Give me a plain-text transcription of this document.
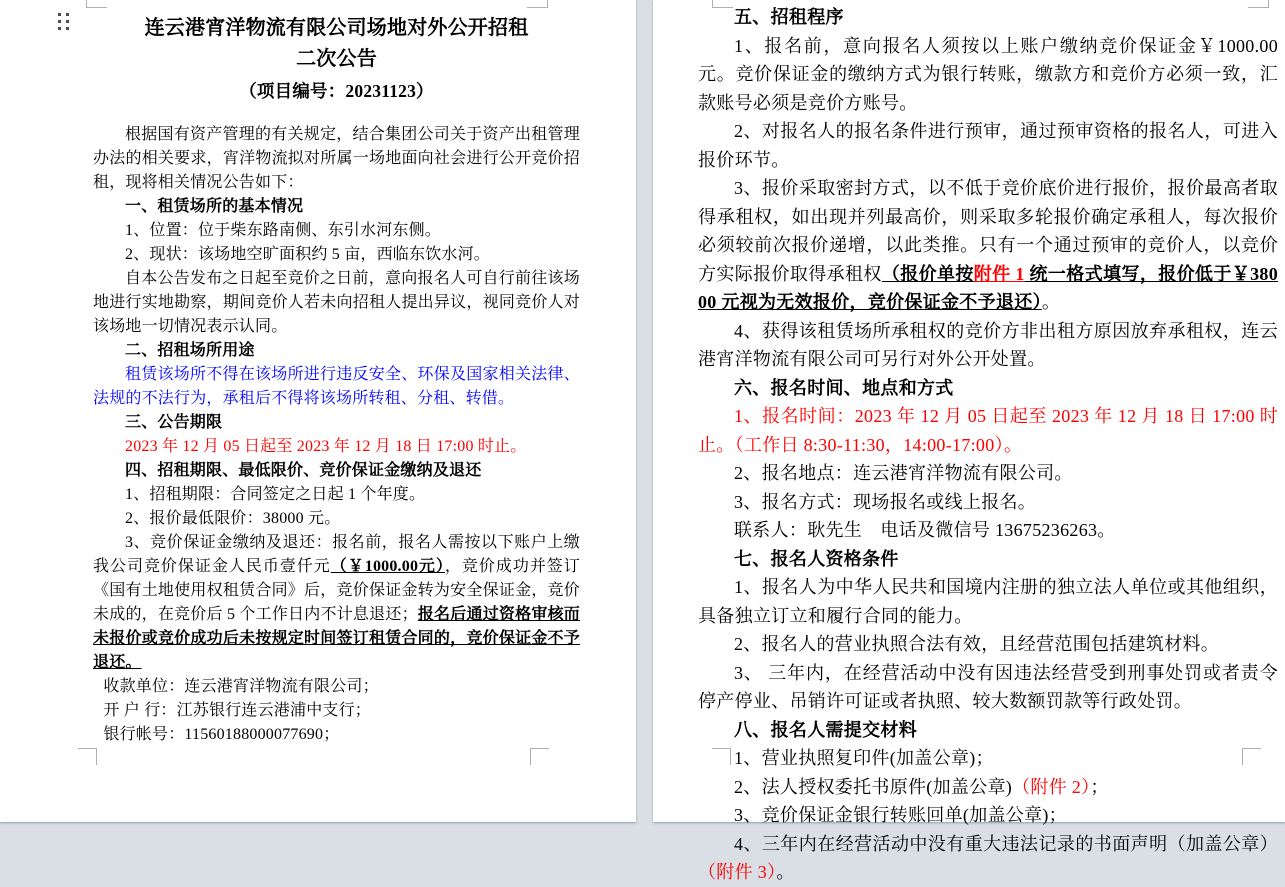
连云港宵洋物流有限公司场地对外公开招租

二次公告

（项目编号：20231123）

根据国有资产管理的有关规定，结合集团公司关于资产出租管理办法的相关要求，宵洋物流拟对所属一场地面向社会进行公开竞价招租，现将相关情况公告如下：

一、租赁场所的基本情况

1、位置：位于柴东路南侧、东引水河东侧。

2、现状：该场地空旷面积约 5 亩，西临东饮水河。

自本公告发布之日起至竞价之日前，意向报名人可自行前往该场地进行实地勘察，期间竞价人若未向招租人提出异议，视同竞价人对该场地一切情况表示认同。

二、招租场所用途

租赁该场所不得在该场所进行违反安全、环保及国家相关法律、法规的不法行为，承租后不得将该场所转租、分租、转借。

三、公告期限

2023 年 12 月 05 日起至 2023 年 12 月 18 日 17:00 时止。

四、招租期限、最低限价、竞价保证金缴纳及退还

1、招租期限：合同签定之日起 1 个年度。

2、报价最低限价：38000 元。

3、竞价保证金缴纳及退还：报名前，报名人需按以下账户上缴我公司竞价保证金人民币壹仟元（￥1000.00元），竞价成功并签订《国有土地使用权租赁合同》后，竞价保证金转为安全保证金，竞价未成的，在竞价后 5 个工作日内不计息退还；报名后通过资格审核而未报价或竞价成功后未按规定时间签订租赁合同的，竞价保证金不予退还。

收款单位：连云港宵洋物流有限公司；

开 户 行：江苏银行连云港浦中支行；

银行帐号：11560188000077690；

五、招租程序

1、报名前，意向报名人须按以上账户缴纳竞价保证金￥1000.00 元。竞价保证金的缴纳方式为银行转账，缴款方和竞价方必须一致，汇款账号必须是竞价方账号。

2、对报名人的报名条件进行预审，通过预审资格的报名人，可进入报价环节。

3、报价采取密封方式，以不低于竞价底价进行报价，报价最高者取得承租权，如出现并列最高价，则采取多轮报价确定承租人，每次报价必须较前次报价递增，以此类推。只有一个通过预审的竞价人，以竞价方实际报价取得承租权（报价单按附件 1 统一格式填写，报价低于￥38000 元视为无效报价，竞价保证金不予退还）。

4、获得该租赁场所承租权的竞价方非出租方原因放弃承租权，连云港宵洋物流有限公司可另行对外公开处置。

六、报名时间、地点和方式

1、报名时间：2023 年 12 月 05 日起至 2023 年 12 月 18 日 17:00 时止。（工作日 8:30-11:30，14:00-17:00）。

2、报名地点：连云港宵洋物流有限公司。

3、报名方式：现场报名或线上报名。

联系人：耿先生　电话及微信号 13675236263。

七、报名人资格条件

1、报名人为中华人民共和国境内注册的独立法人单位或其他组织，具备独立订立和履行合同的能力。

2、报名人的营业执照合法有效，且经营范围包括建筑材料。

3、 三年内，在经营活动中没有因违法经营受到刑事处罚或者责令停产停业、吊销许可证或者执照、较大数额罚款等行政处罚。

八、报名人需提交材料

1、营业执照复印件(加盖公章)；

2、法人授权委托书原件(加盖公章)（附件 2）；

3、竞价保证金银行转账回单(加盖公章)；

4、三年内在经营活动中没有重大违法记录的书面声明（加盖公章）（附件 3）。
